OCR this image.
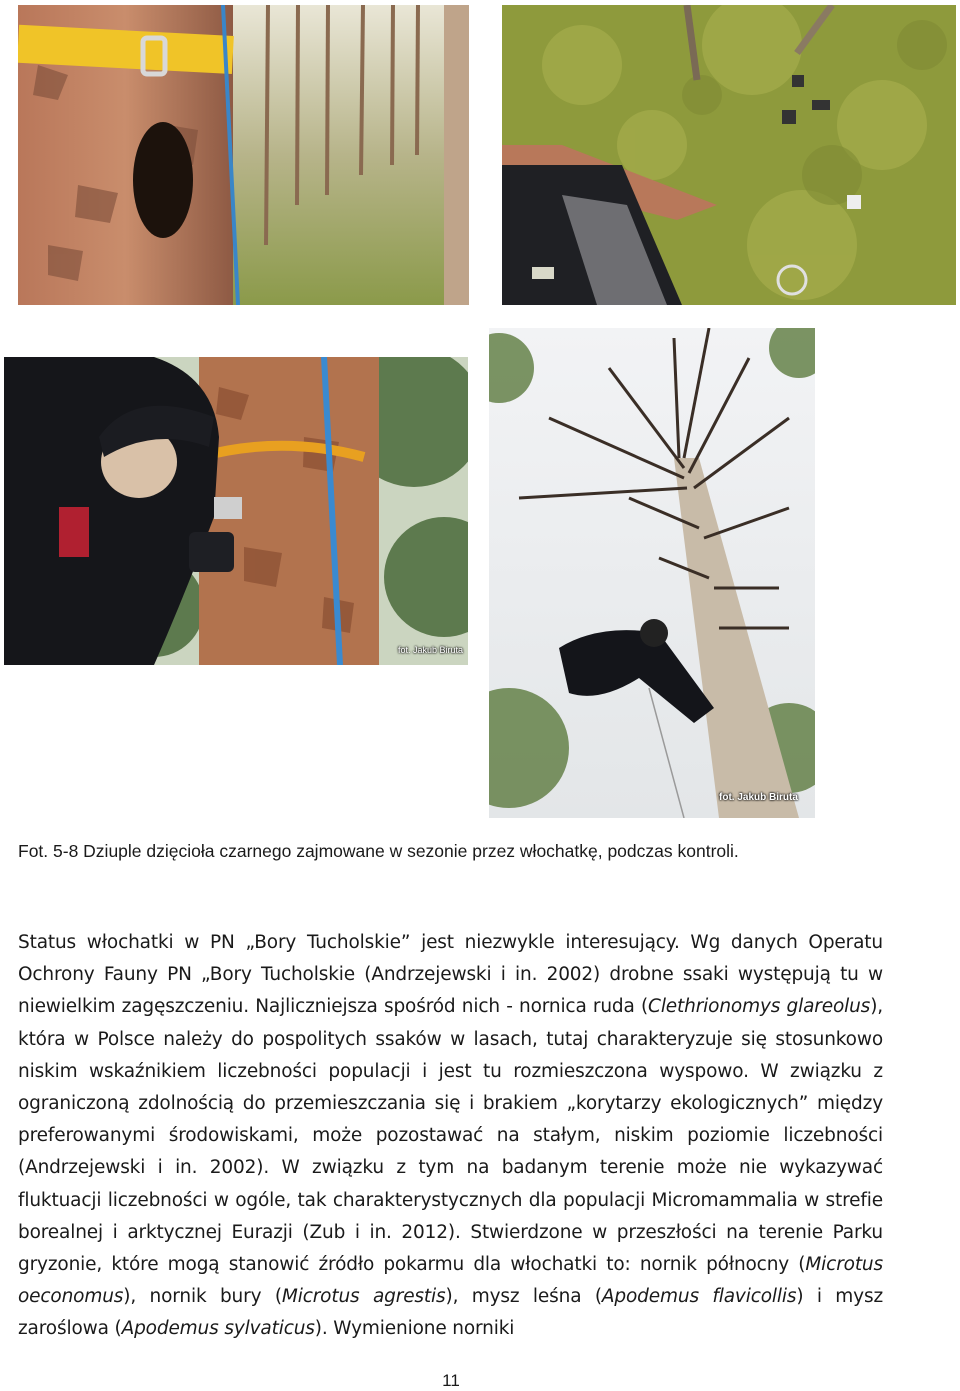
fot. Jakub Biruta
fot. Jakub Biruta
Fot. 5-8 Dziuple dzięcioła czarnego zajmowane w sezonie przez włochatkę, podczas kontroli.
Status włochatki w PN „Bory Tucholskie” jest niezwykle interesujący. Wg danych Operatu Ochrony Fauny PN „Bory Tucholskie (Andrzejewski i in. 2002) drobne ssaki występują tu w niewielkim zagęszczeniu. Najliczniejsza spośród nich - nornica ruda (Clethrionomys glareolus), która w Polsce należy do pospolitych ssaków w lasach, tutaj charakteryzuje się stosunkowo niskim wskaźnikiem liczebności populacji i jest tu rozmieszczona wyspowo. W związku z ograniczoną zdolnością do przemieszczania się i brakiem „korytarzy ekologicznych” między preferowanymi środowiskami, może pozostawać na stałym, niskim poziomie liczebności (Andrzejewski i in. 2002). W związku z tym na badanym terenie może nie wykazywać fluktuacji liczebności w ogóle, tak charakterystycznych dla populacji Micromammalia w strefie borealnej i arktycznej Eurazji (Zub i in. 2012). Stwierdzone w przeszłości na terenie Parku gryzonie, które mogą stanowić źródło pokarmu dla włochatki to: nornik północny (Microtus oeconomus), nornik bury (Microtus agrestis), mysz leśna (Apodemus flavicollis) i mysz zaroślowa (Apodemus sylvaticus). Wymienione norniki
11
